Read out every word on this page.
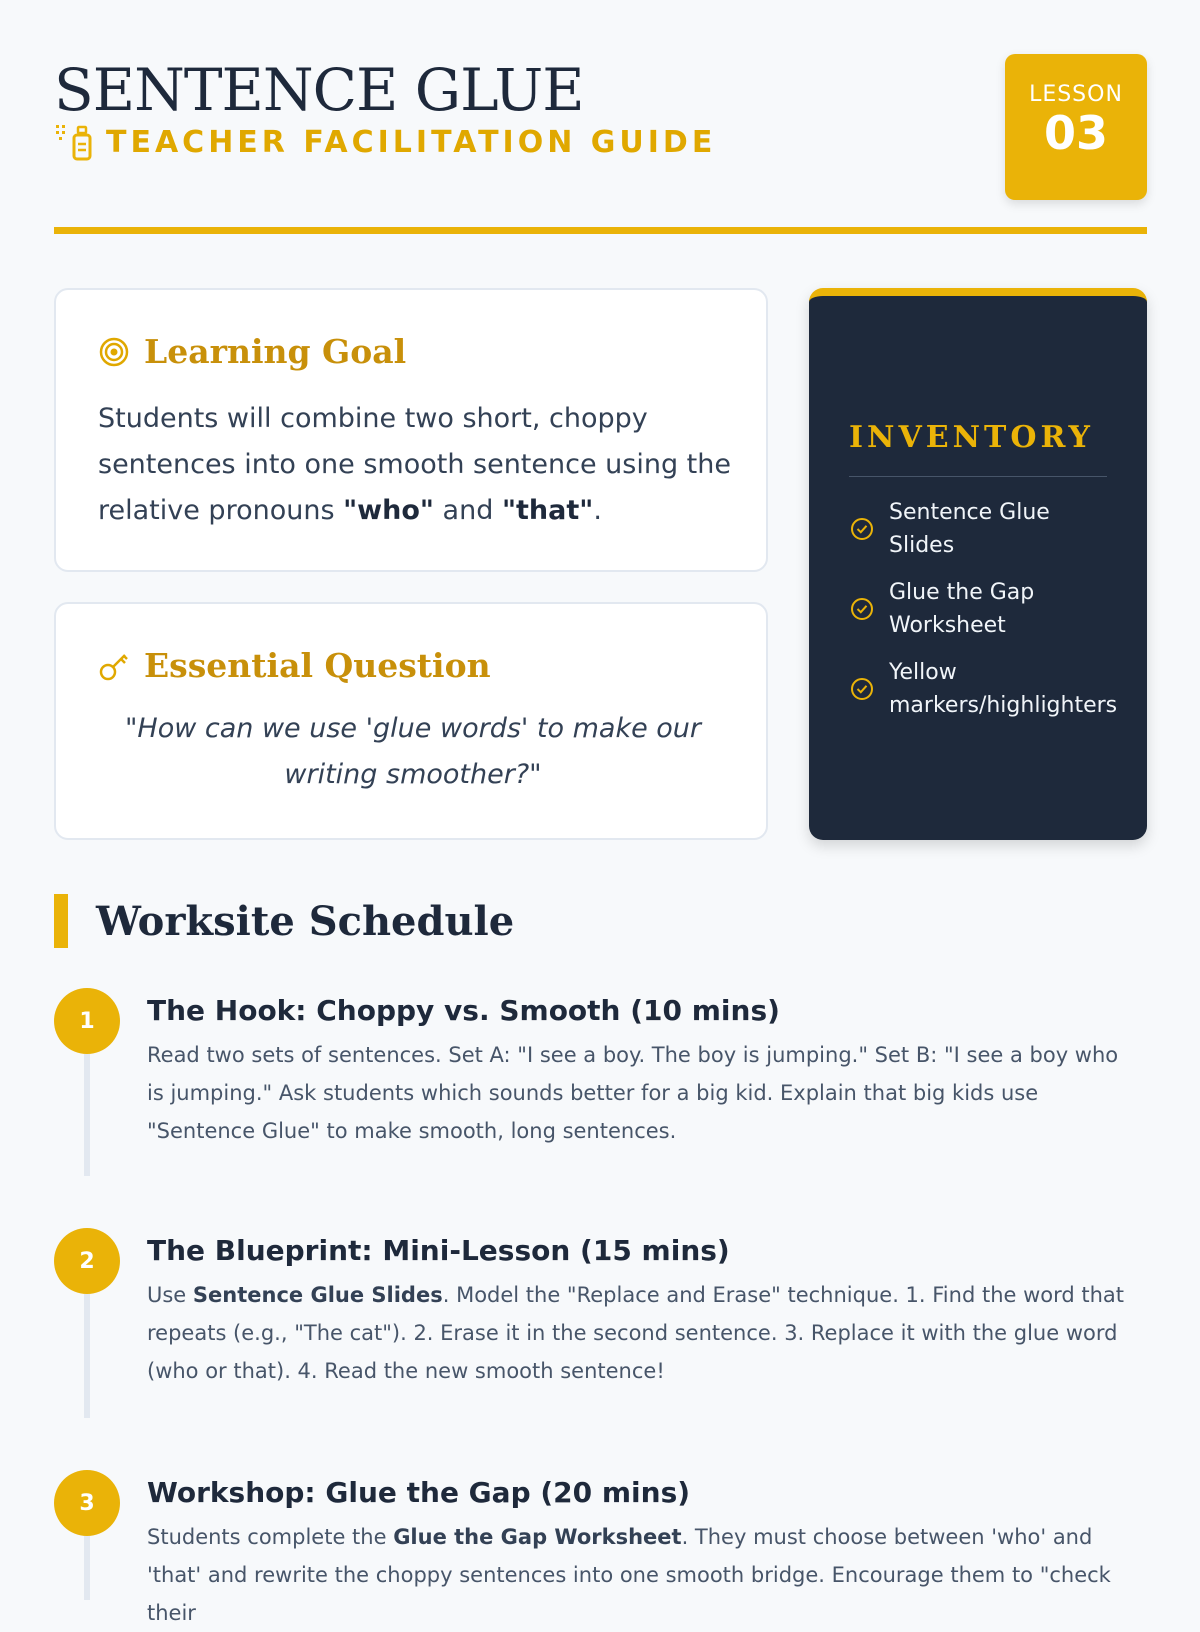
SENTENCE GLUE
TEACHER FACILITATION GUIDE
LESSON
03
Learning Goal

Students will combine two short, choppy sentences into one smooth sentence using the relative pronouns "who" and "that".

Essential Question

"How can we use 'glue words' to make our writing smoother?"

INVENTORY
Sentence Glue Slides
Glue the Gap Worksheet
Yellow markers/highlighters
Worksite Schedule
1	The Hook: Choppy vs. Smooth (10 mins)

Read two sets of sentences. Set A: "I see a boy. The boy is jumping." Set B: "I see a boy who is jumping." Ask students which sounds better for a big kid. Explain that big kids use "Sentence Glue" to make smooth, long sentences.

2	The Blueprint: Mini-Lesson (15 mins)

Use Sentence Glue Slides. Model the "Replace and Erase" technique. 1. Find the word that repeats (e.g., "The cat"). 2. Erase it in the second sentence. 3. Replace it with the glue word (who or that). 4. Read the new smooth sentence!

3	Workshop: Glue the Gap (20 mins)

Students complete the Glue the Gap Worksheet. They must choose between 'who' and 'that' and rewrite the choppy sentences into one smooth bridge. Encourage them to "check their
